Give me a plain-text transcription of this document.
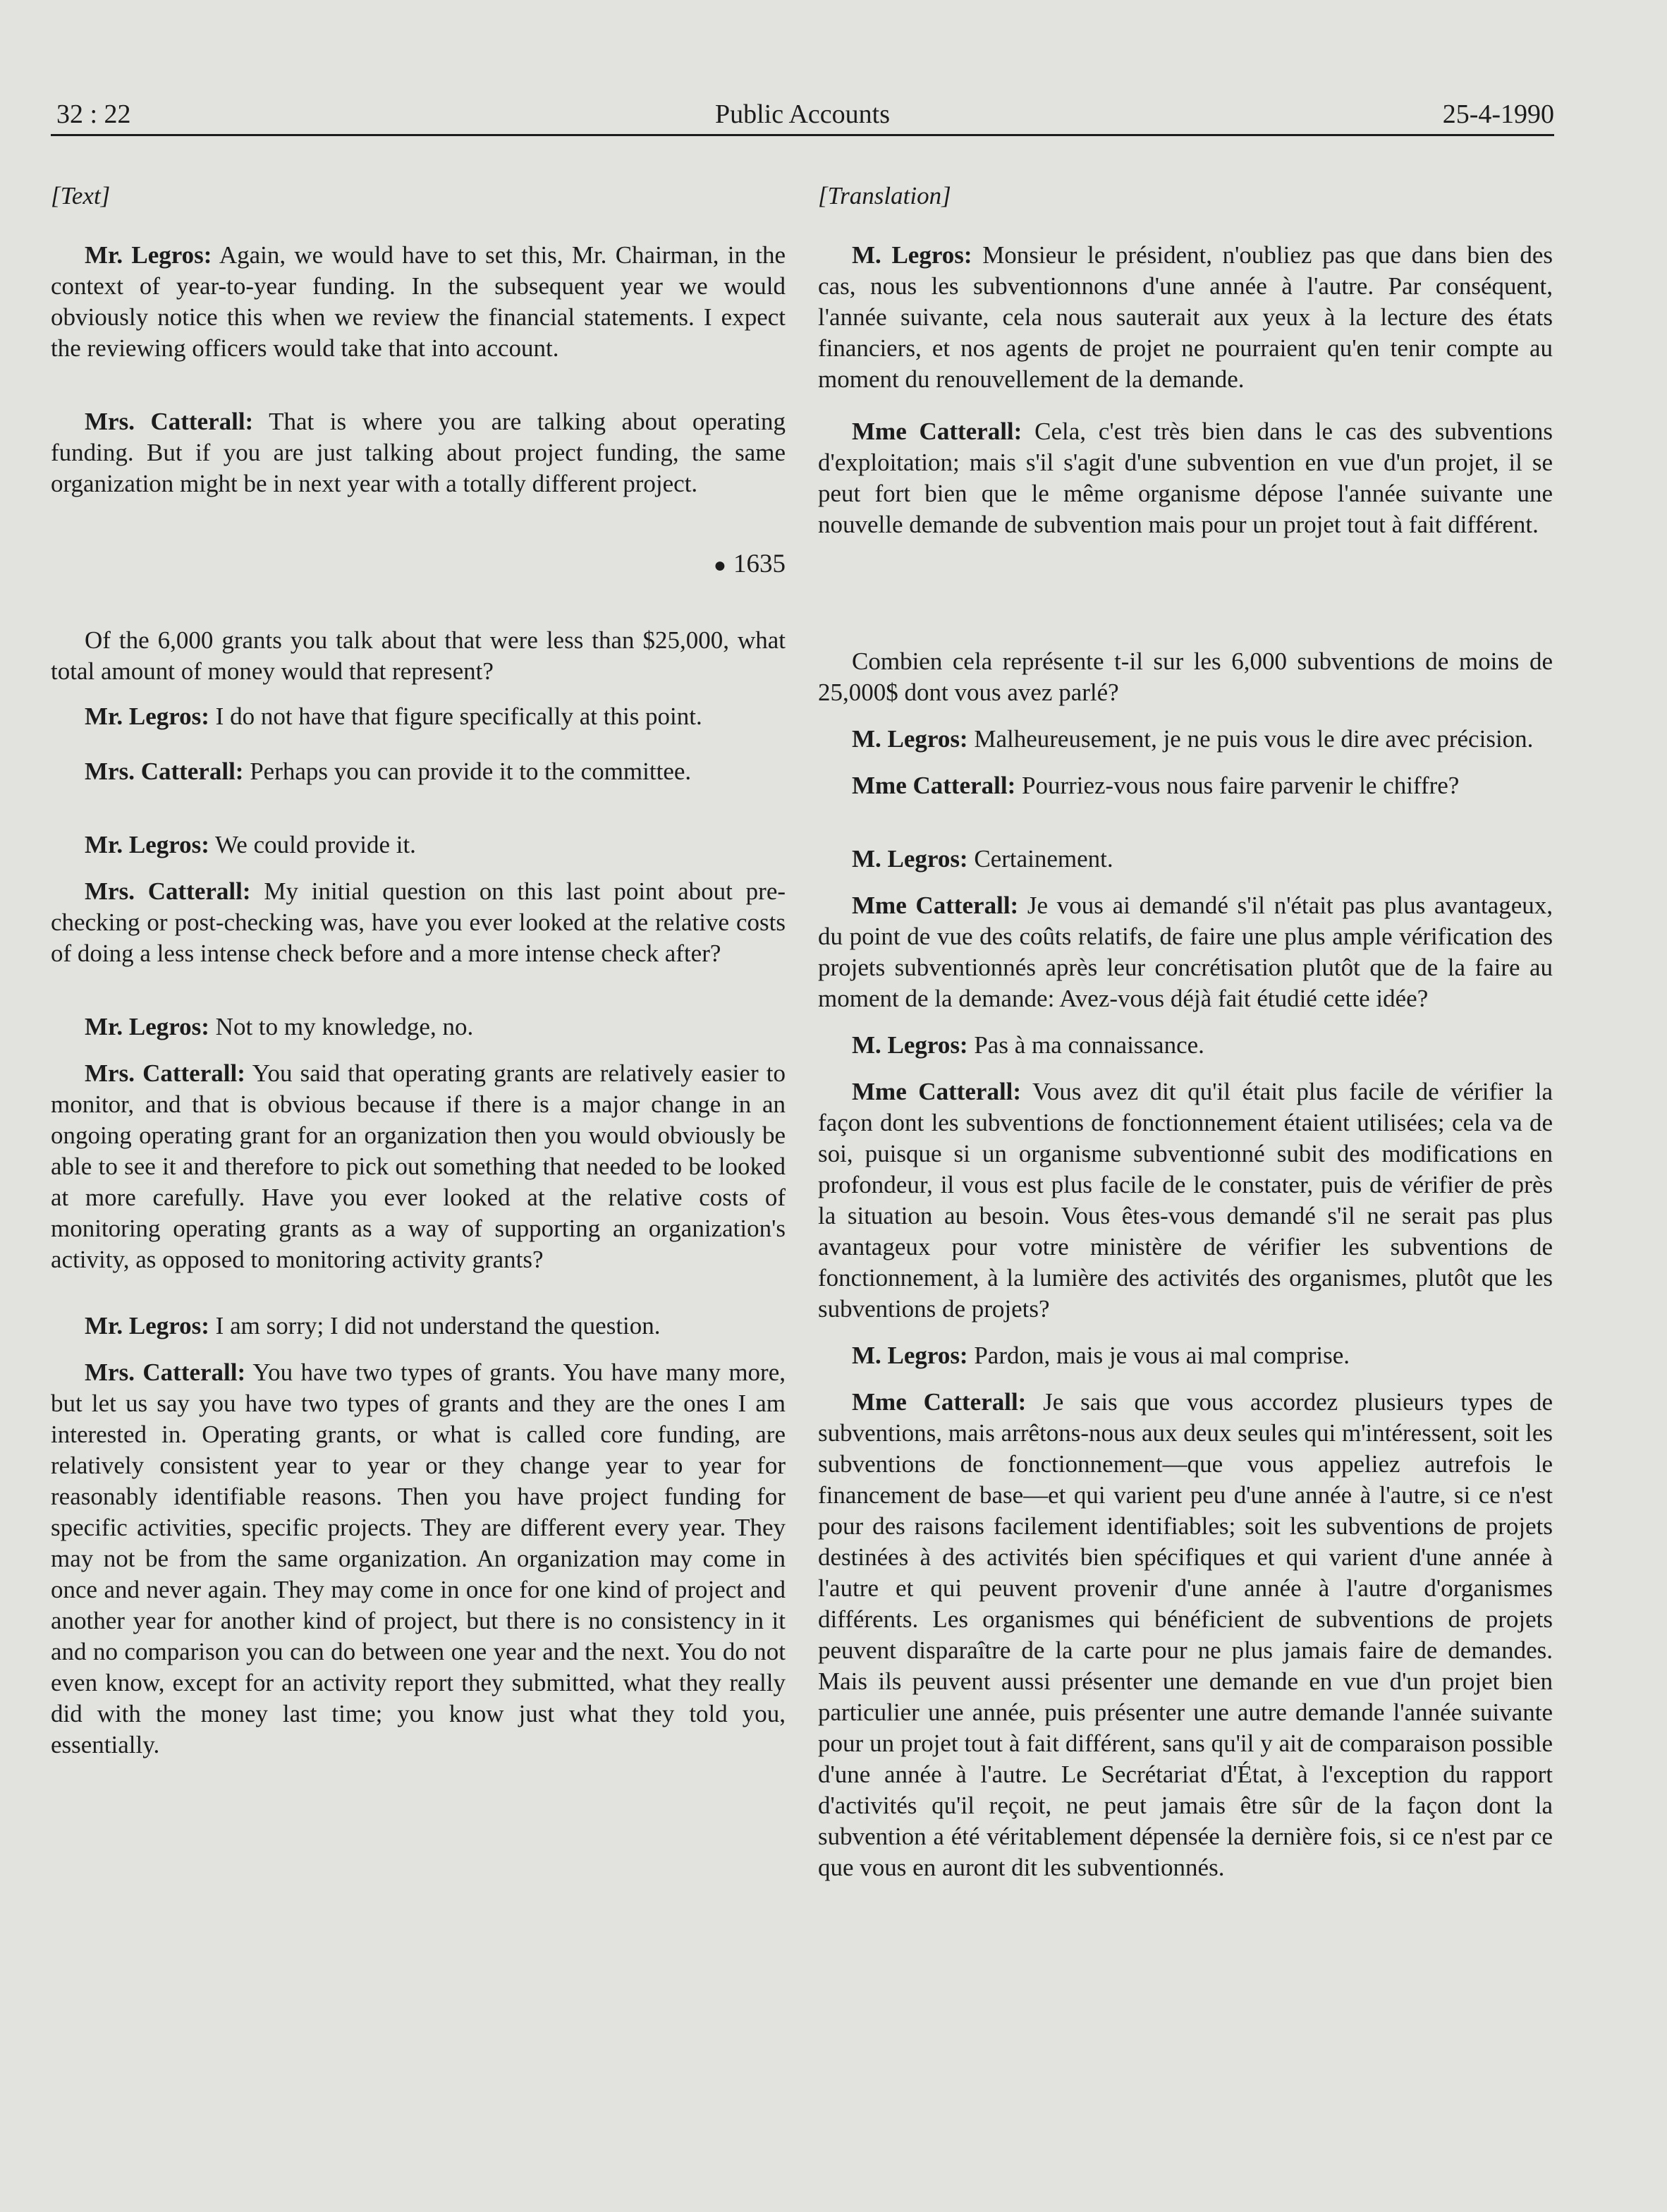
32 : 22	Public Accounts	25-4-1990

[Text]

Mr. Legros: Again, we would have to set this, Mr. Chairman, in the context of year-to-year funding. In the subsequent year we would obviously notice this when we review the financial statements. I expect the reviewing officers would take that into account.

Mrs. Catterall: That is where you are talking about operating funding. But if you are just talking about project funding, the same organization might be in next year with a totally different project.

● 1635

Of the 6,000 grants you talk about that were less than $25,000, what total amount of money would that represent?

Mr. Legros: I do not have that figure specifically at this point.

Mrs. Catterall: Perhaps you can provide it to the committee.

Mr. Legros: We could provide it.

Mrs. Catterall: My initial question on this last point about pre-checking or post-checking was, have you ever looked at the relative costs of doing a less intense check before and a more intense check after?

Mr. Legros: Not to my knowledge, no.

Mrs. Catterall: You said that operating grants are relatively easier to monitor, and that is obvious because if there is a major change in an ongoing operating grant for an organization then you would obviously be able to see it and therefore to pick out something that needed to be looked at more carefully. Have you ever looked at the relative costs of monitoring operating grants as a way of supporting an organization's activity, as opposed to monitoring activity grants?

Mr. Legros: I am sorry; I did not understand the question.

Mrs. Catterall: You have two types of grants. You have many more, but let us say you have two types of grants and they are the ones I am interested in. Operating grants, or what is called core funding, are relatively consistent year to year or they change year to year for reasonably identifiable reasons. Then you have project funding for specific activities, specific projects. They are different every year. They may not be from the same organization. An organization may come in once and never again. They may come in once for one kind of project and another year for another kind of project, but there is no consistency in it and no comparison you can do between one year and the next. You do not even know, except for an activity report they submitted, what they really did with the money last time; you know just what they told you, essentially.

[Translation]

M. Legros: Monsieur le président, n'oubliez pas que dans bien des cas, nous les subventionnons d'une année à l'autre. Par conséquent, l'année suivante, cela nous sauterait aux yeux à la lecture des états financiers, et nos agents de projet ne pourraient qu'en tenir compte au moment du renouvellement de la demande.

Mme Catterall: Cela, c'est très bien dans le cas des subventions d'exploitation; mais s'il s'agit d'une subvention en vue d'un projet, il se peut fort bien que le même organisme dépose l'année suivante une nouvelle demande de subvention mais pour un projet tout à fait différent.

Combien cela représente t-il sur les 6,000 subventions de moins de 25,000$ dont vous avez parlé?

M. Legros: Malheureusement, je ne puis vous le dire avec précision.

Mme Catterall: Pourriez-vous nous faire parvenir le chiffre?

M. Legros: Certainement.

Mme Catterall: Je vous ai demandé s'il n'était pas plus avantageux, du point de vue des coûts relatifs, de faire une plus ample vérification des projets subventionnés après leur concrétisation plutôt que de la faire au moment de la demande: Avez-vous déjà fait étudié cette idée?

M. Legros: Pas à ma connaissance.

Mme Catterall: Vous avez dit qu'il était plus facile de vérifier la façon dont les subventions de fonctionnement étaient utilisées; cela va de soi, puisque si un organisme subventionné subit des modifications en profondeur, il vous est plus facile de le constater, puis de vérifier de près la situation au besoin. Vous êtes-vous demandé s'il ne serait pas plus avantageux pour votre ministère de vérifier les subventions de fonctionnement, à la lumière des activités des organismes, plutôt que les subventions de projets?

M. Legros: Pardon, mais je vous ai mal comprise.

Mme Catterall: Je sais que vous accordez plusieurs types de subventions, mais arrêtons-nous aux deux seules qui m'intéressent, soit les subventions de fonctionnement—que vous appeliez autrefois le financement de base—et qui varient peu d'une année à l'autre, si ce n'est pour des raisons facilement identifiables; soit les subventions de projets destinées à des activités bien spécifiques et qui varient d'une année à l'autre et qui peuvent provenir d'une année à l'autre d'organismes différents. Les organismes qui bénéficient de subventions de projets peuvent disparaître de la carte pour ne plus jamais faire de demandes. Mais ils peuvent aussi présenter une demande en vue d'un projet bien particulier une année, puis présenter une autre demande l'année suivante pour un projet tout à fait différent, sans qu'il y ait de comparaison possible d'une année à l'autre. Le Secrétariat d'État, à l'exception du rapport d'activités qu'il reçoit, ne peut jamais être sûr de la façon dont la subvention a été véritablement dépensée la dernière fois, si ce n'est par ce que vous en auront dit les subventionnés.
